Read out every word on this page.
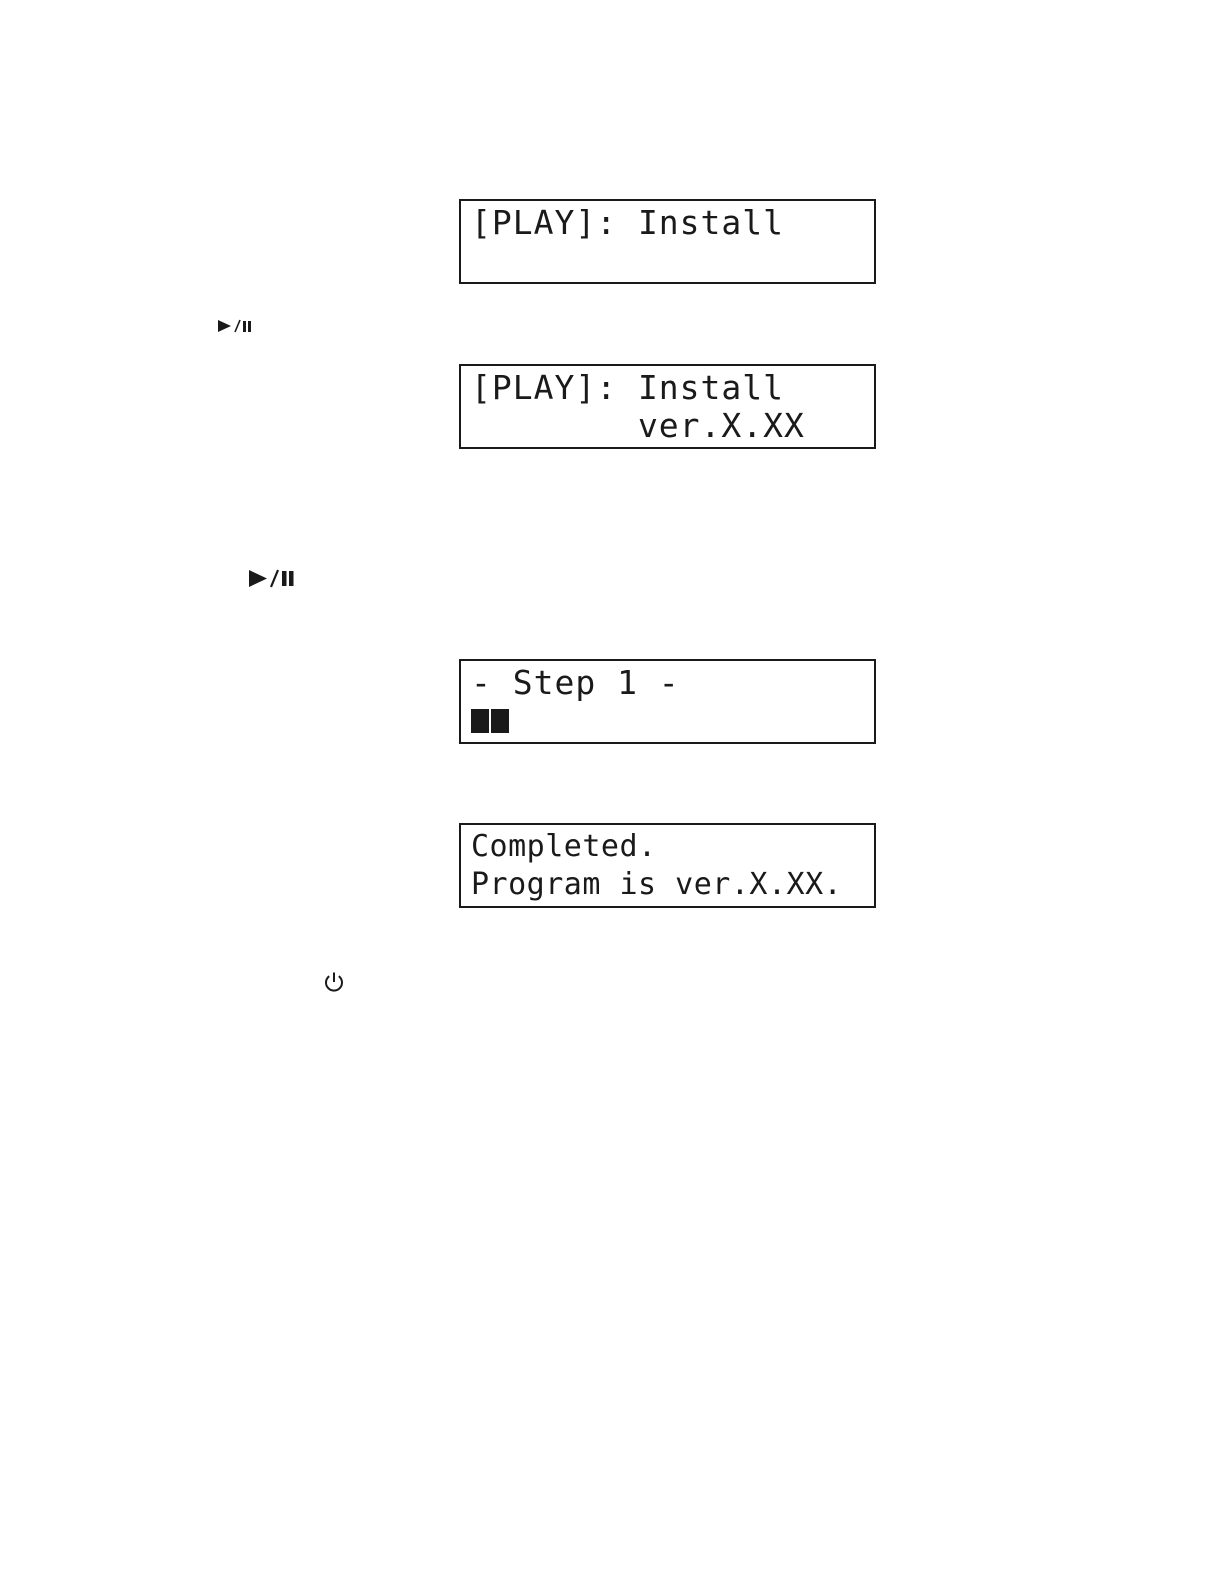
[PLAY]: Install
[PLAY]: Install
ver.X.XX
- Step 1 -
Completed.
Program is ver.X.XX.
